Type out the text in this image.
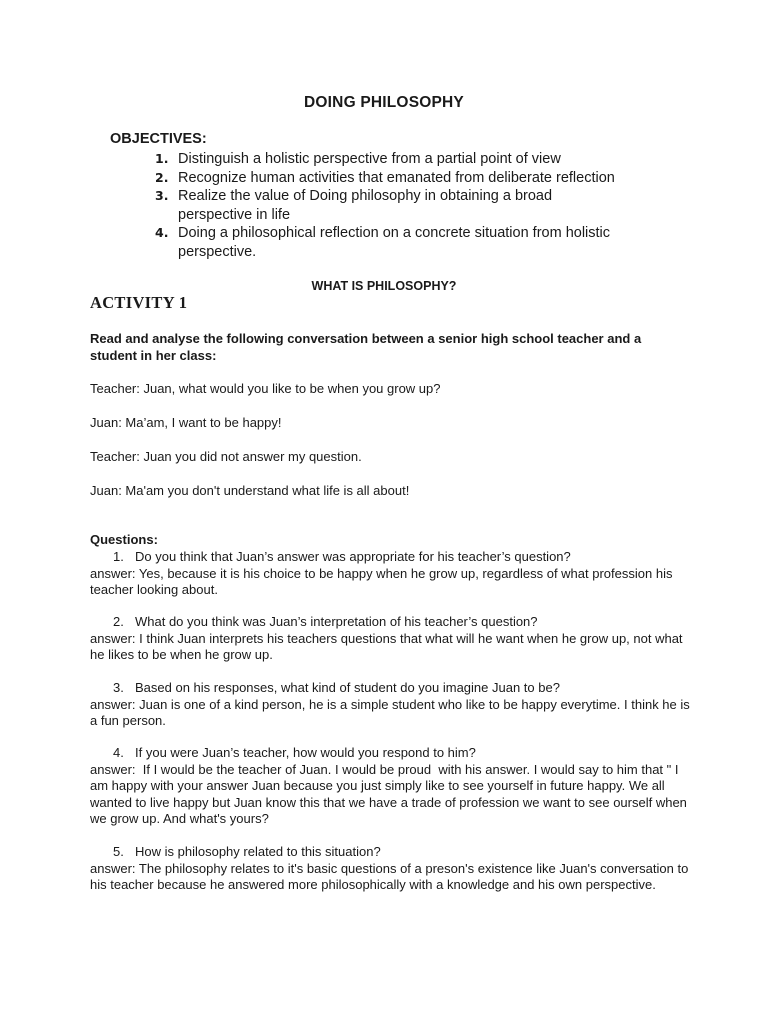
DOING PHILOSOPHY
OBJECTIVES:
1. Distinguish a holistic perspective from a partial point of view
2. Recognize human activities that emanated from deliberate reflection
3. Realize the value of Doing philosophy in obtaining a broad perspective in life
4. Doing a philosophical reflection on a concrete situation from holistic perspective.
WHAT IS PHILOSOPHY?
ACTIVITY 1
Read and analyse the following conversation between a senior high school teacher and a student in her class:
Teacher: Juan, what would you like to be when you grow up?
Juan: Ma’am, I want to be happy!
Teacher: Juan you did not answer my question.
Juan: Ma'am you don't understand what life is all about!
Questions:
1. Do you think that Juan’s answer was appropriate for his teacher’s question?
answer: Yes, because it is his choice to be happy when he grow up, regardless of what profession his teacher looking about.
2. What do you think was Juan’s interpretation of his teacher’s question?
answer: I think Juan interprets his teachers questions that what will he want when he grow up, not what he likes to be when he grow up.
3. Based on his responses, what kind of student do you imagine Juan to be?
answer: Juan is one of a kind person, he is a simple student who like to be happy everytime. I think he is a fun person.
4. If you were Juan’s teacher, how would you respond to him?
answer:  If I would be the teacher of Juan. I would be proud  with his answer. I would say to him that " I am happy with your answer Juan because you just simply like to see yourself in future happy. We all wanted to live happy but Juan know this that we have a trade of profession we want to see ourself when we grow up. And what's yours?
5. How is philosophy related to this situation?
answer: The philosophy relates to it's basic questions of a preson's existence like Juan's conversation to his teacher because he answered more philosophically with a knowledge and his own perspective.
